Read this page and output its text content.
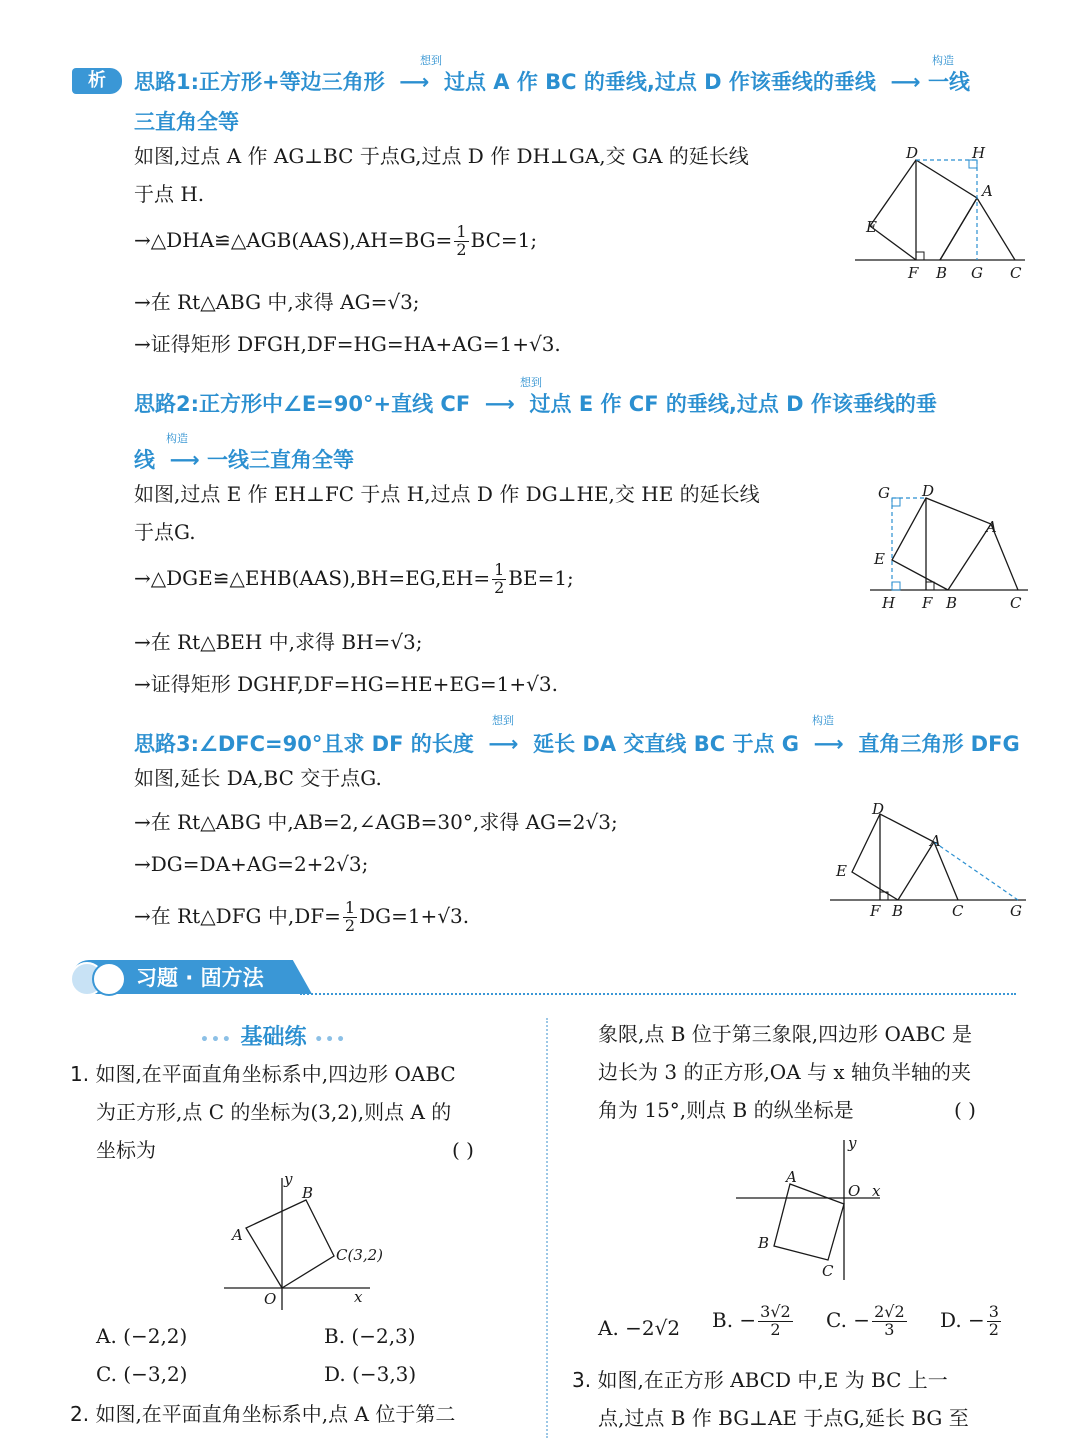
析	思路1:正方形+等边三角形  ⟶  过点 A 作 BC 的垂线,过点 D 作该垂线的垂线  ⟶ 一线
想到	构造
三直角全等
如图,过点 A 作 AG⊥BC 于点G,过点 D 作 DH⊥GA,交 GA 的延长线
于点 H.
→△DHA≌△AGB(AAS),AH=BG= $\frac{1}{2} BC=1$;
→在 Rt△ABG 中,求得 AG=√3;
→证得矩形 DFGH,DF=HG=HA+AG=1+√3.
D	H
A
E
F B G C
思路2:正方形中∠E=90°+直线 CF  ⟶  过点 E 作 CF 的垂线,过点 D 作该垂线的垂
想到
线  ⟶ 一线三直角全等
构造
如图,过点 E 作 EH⊥FC 于点 H,过点 D 作 DG⊥HE,交 HE 的延长线
于点G.
→△DGE≌△EHB(AAS),BH=EG,EH= $\frac{1}{2} BE=1$;
→在 Rt△BEH 中,求得 BH=√3;
→证得矩形 DGHF,DF=HG=HE+EG=1+√3.
G D
A
E
H F B	C
思路3:∠DFC=90°且求 DF 的长度  ⟶  延长 DA 交直线 BC 于点 G  ⟶  直角三角形 DFG
想到	构造
如图,延长 DA,BC 交于点G.
→在 Rt△ABG 中,AB=2,∠AGB=30°,求得 AG=2√3;
→DG=DA+AG=2+2√3;
→在 Rt△DFG 中$,DF= \frac{1}{2} DG=1+√3$.
D
A
E
F B	C	G
习题 · 固方法
••• 基础练 •••
1. 如图,在平面直角坐标系中,四边形 OABC
为正方形,点 C 的坐标为(3,2),则点 A 的
坐标为	( )
y
B
A
C(3,2)
O	x
A. (−2,2)	B. (−2,3)
C. (−3,2)	D. (−3,3)
2. 如图,在平面直角坐标系中,点 A 位于第二
象限,点 B 位于第三象限,四边形 OABC 是
边长为 3 的正方形,OA 与 x 轴负半轴的夹
角为 15°,则点 B 的纵坐标是	( )
y
A
O x
B
C
A. −2√2 B. − $\frac{3√2}{2} C$. − $\frac{2√2}{3} D$. − $\frac{3}{2}$
3. 如图,在正方形 ABCD 中,E 为 BC 上一
点,过点 B 作 BG⊥AE 于点G,延长 BG 至
